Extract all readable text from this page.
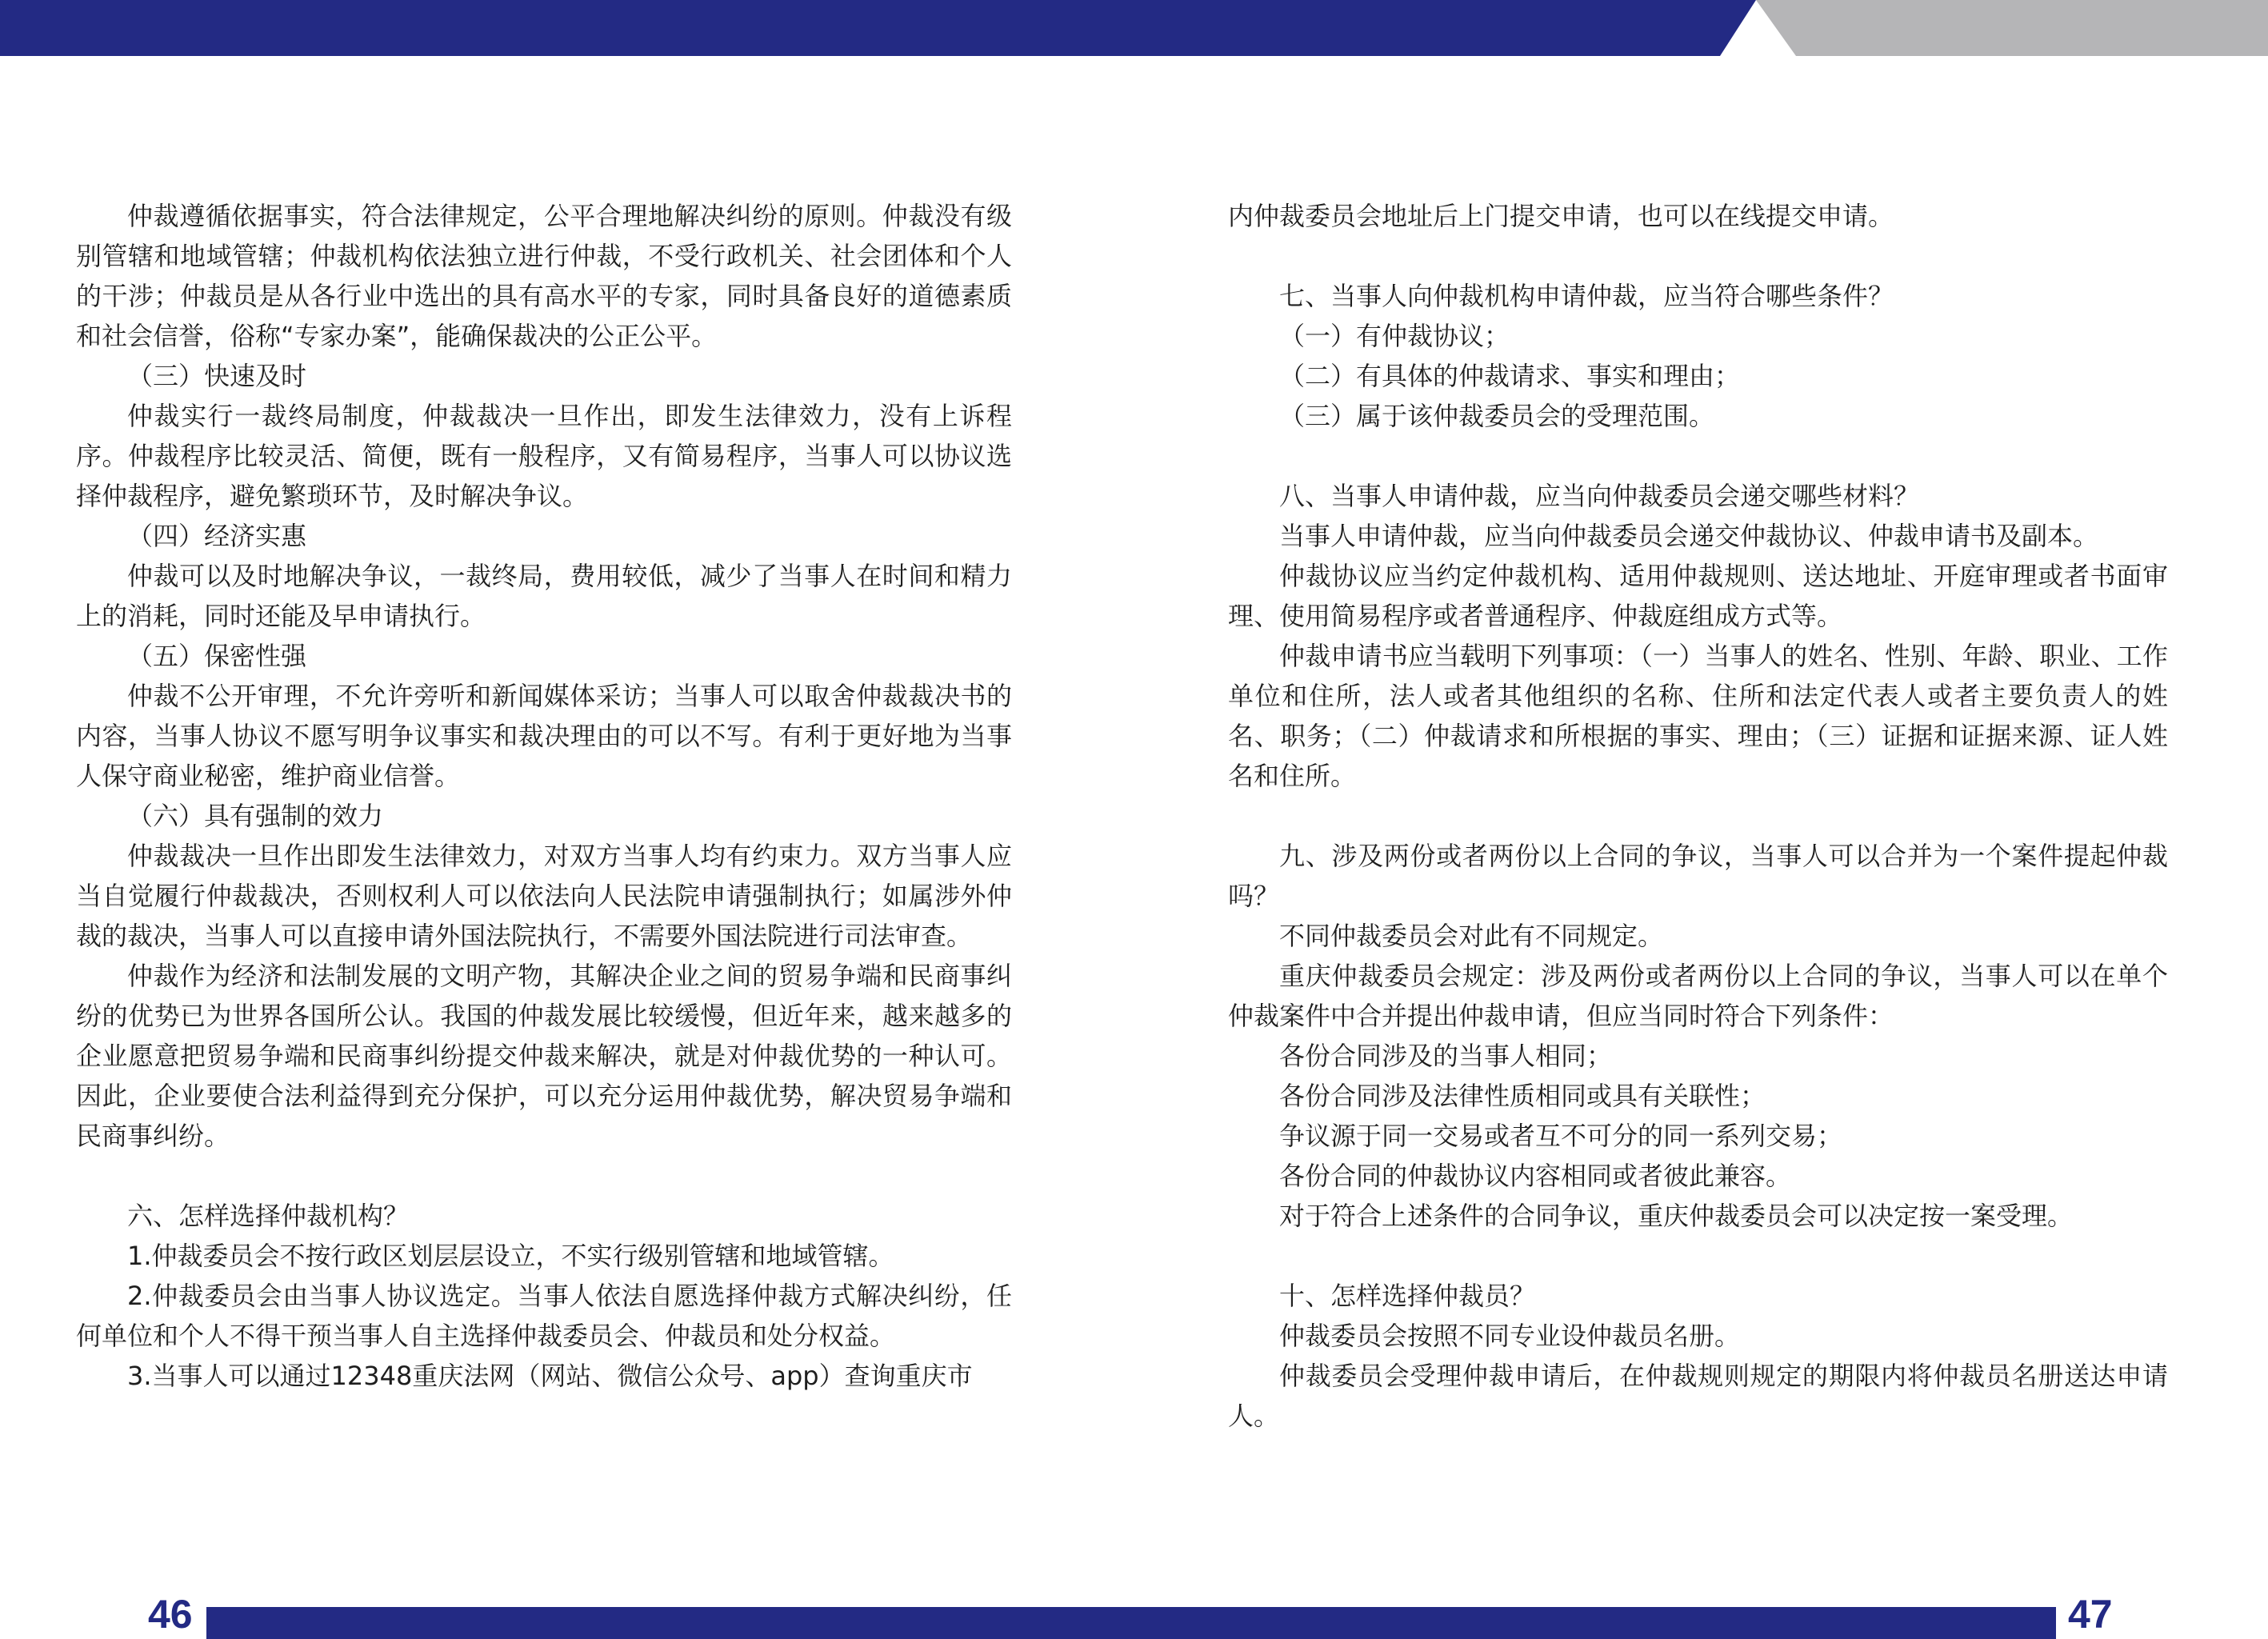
仲裁遵循依据事实，符合法律规定，公平合理地解决纠纷的原则。仲裁没有级别管辖和地域管辖；仲裁机构依法独立进行仲裁，不受行政机关、社会团体和个人的干涉；仲裁员是从各行业中选出的具有高水平的专家，同时具备良好的道德素质和社会信誉，俗称“专家办案”，能确保裁决的公正公平。

（三）快速及时

仲裁实行一裁终局制度，仲裁裁决一旦作出，即发生法律效力，没有上诉程序。仲裁程序比较灵活、简便，既有一般程序，又有简易程序，当事人可以协议选择仲裁程序，避免繁琐环节，及时解决争议。

（四）经济实惠

仲裁可以及时地解决争议，一裁终局，费用较低，减少了当事人在时间和精力上的消耗，同时还能及早申请执行。

（五）保密性强

仲裁不公开审理，不允许旁听和新闻媒体采访；当事人可以取舍仲裁裁决书的内容，当事人协议不愿写明争议事实和裁决理由的可以不写。有利于更好地为当事人保守商业秘密，维护商业信誉。

（六）具有强制的效力

仲裁裁决一旦作出即发生法律效力，对双方当事人均有约束力。双方当事人应当自觉履行仲裁裁决，否则权利人可以依法向人民法院申请强制执行；如属涉外仲裁的裁决，当事人可以直接申请外国法院执行，不需要外国法院进行司法审查。

仲裁作为经济和法制发展的文明产物，其解决企业之间的贸易争端和民商事纠纷的优势已为世界各国所公认。我国的仲裁发展比较缓慢，但近年来，越来越多的企业愿意把贸易争端和民商事纠纷提交仲裁来解决，就是对仲裁优势的一种认可。因此，企业要使合法利益得到充分保护，可以充分运用仲裁优势，解决贸易争端和民商事纠纷。

六、怎样选择仲裁机构？

1.仲裁委员会不按行政区划层层设立，不实行级别管辖和地域管辖。

2.仲裁委员会由当事人协议选定。当事人依法自愿选择仲裁方式解决纠纷，任何单位和个人不得干预当事人自主选择仲裁委员会、仲裁员和处分权益。

3.当事人可以通过12348重庆法网（网站、微信公众号、app）查询重庆市

内仲裁委员会地址后上门提交申请，也可以在线提交申请。

七、当事人向仲裁机构申请仲裁，应当符合哪些条件？

（一）有仲裁协议；

（二）有具体的仲裁请求、事实和理由；

（三）属于该仲裁委员会的受理范围。

八、当事人申请仲裁，应当向仲裁委员会递交哪些材料？

当事人申请仲裁，应当向仲裁委员会递交仲裁协议、仲裁申请书及副本。

仲裁协议应当约定仲裁机构、适用仲裁规则、送达地址、开庭审理或者书面审理、使用简易程序或者普通程序、仲裁庭组成方式等。

仲裁申请书应当载明下列事项：（一）当事人的姓名、性别、年龄、职业、工作单位和住所，法人或者其他组织的名称、住所和法定代表人或者主要负责人的姓名、职务；（二）仲裁请求和所根据的事实、理由；（三）证据和证据来源、证人姓名和住所。

九、涉及两份或者两份以上合同的争议，当事人可以合并为一个案件提起仲裁吗？

不同仲裁委员会对此有不同规定。

重庆仲裁委员会规定：涉及两份或者两份以上合同的争议，当事人可以在单个仲裁案件中合并提出仲裁申请，但应当同时符合下列条件：

各份合同涉及的当事人相同；

各份合同涉及法律性质相同或具有关联性；

争议源于同一交易或者互不可分的同一系列交易；

各份合同的仲裁协议内容相同或者彼此兼容。

对于符合上述条件的合同争议，重庆仲裁委员会可以决定按一案受理。

十、怎样选择仲裁员？

仲裁委员会按照不同专业设仲裁员名册。

仲裁委员会受理仲裁申请后，在仲裁规则规定的期限内将仲裁员名册送达申请人。

46	47
